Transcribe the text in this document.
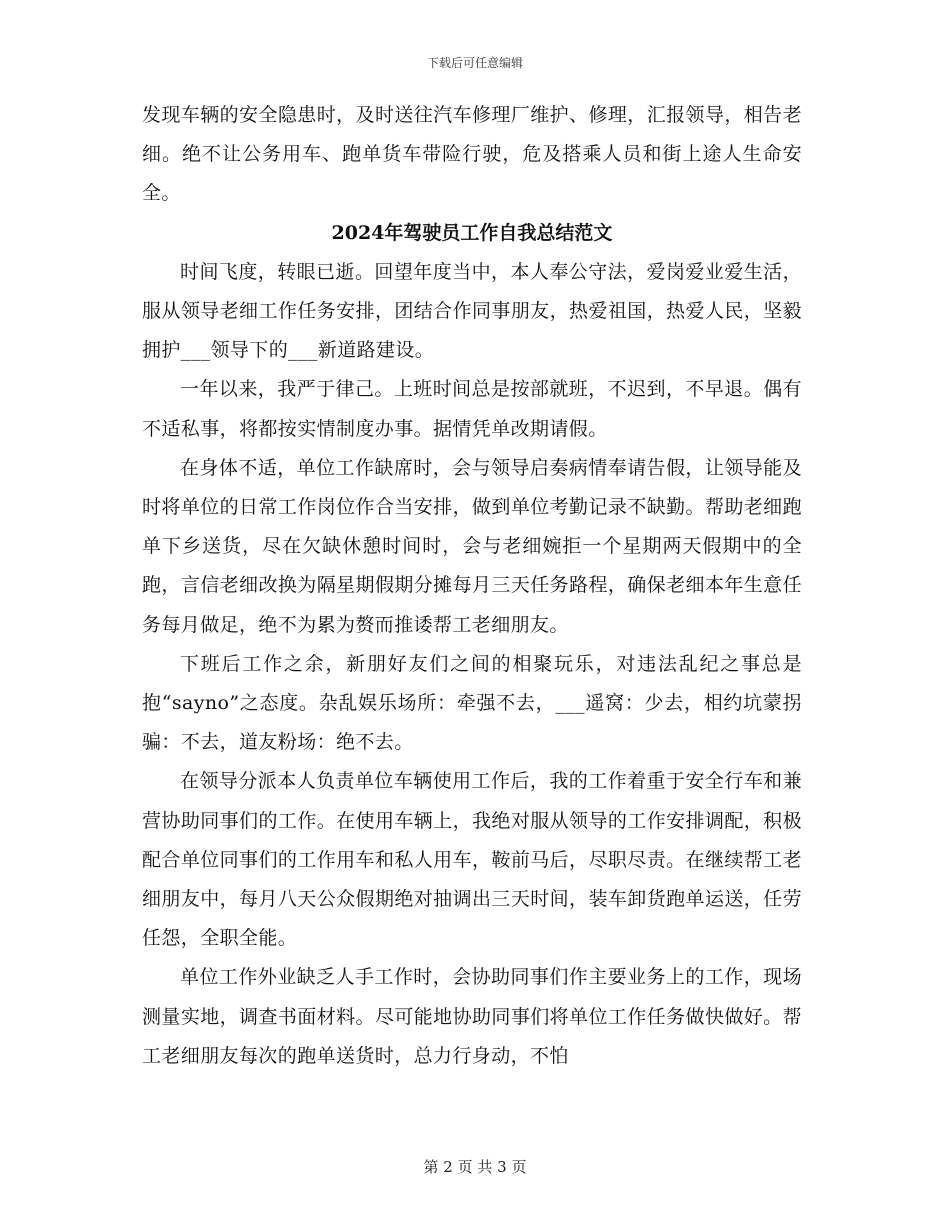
下载后可任意编辑

发现车辆的安全隐患时，及时送往汽车修理厂维护、修理，汇报领导，相告老细。绝不让公务用车、跑单货车带险行驶，危及搭乘人员和街上途人生命安全。

2024年驾驶员工作自我总结范文

时间飞度，转眼已逝。回望年度当中，本人奉公守法，爱岗爱业爱生活，服从领导老细工作任务安排，团结合作同事朋友，热爱祖国，热爱人民，坚毅拥护___领导下的___新道路建设。

一年以来，我严于律己。上班时间总是按部就班，不迟到，不早退。偶有不适私事，将都按实情制度办事。据情凭单改期请假。

在身体不适，单位工作缺席时，会与领导启奏病情奉请告假，让领导能及时将单位的日常工作岗位作合当安排，做到单位考勤记录不缺勤。帮助老细跑单下乡送货，尽在欠缺休憩时间时，会与老细婉拒一个星期两天假期中的全跑，言信老细改换为隔星期假期分摊每月三天任务路程，确保老细本年生意任务每月做足，绝不为累为赘而推诿帮工老细朋友。

下班后工作之余，新朋好友们之间的相聚玩乐，对违法乱纪之事总是抱“sayno”之态度。杂乱娱乐场所：牵强不去，___遥窝：少去，相约坑蒙拐骗：不去，道友粉场：绝不去。

在领导分派本人负责单位车辆使用工作后，我的工作着重于安全行车和兼营协助同事们的工作。在使用车辆上，我绝对服从领导的工作安排调配，积极配合单位同事们的工作用车和私人用车，鞍前马后，尽职尽责。在继续帮工老细朋友中，每月八天公众假期绝对抽调出三天时间，装车卸货跑单运送，任劳任怨，全职全能。

单位工作外业缺乏人手工作时，会协助同事们作主要业务上的工作，现场测量实地，调查书面材料。尽可能地协助同事们将单位工作任务做快做好。帮工老细朋友每次的跑单送货时，总力行身动，不怕

第 2 页 共 3 页
